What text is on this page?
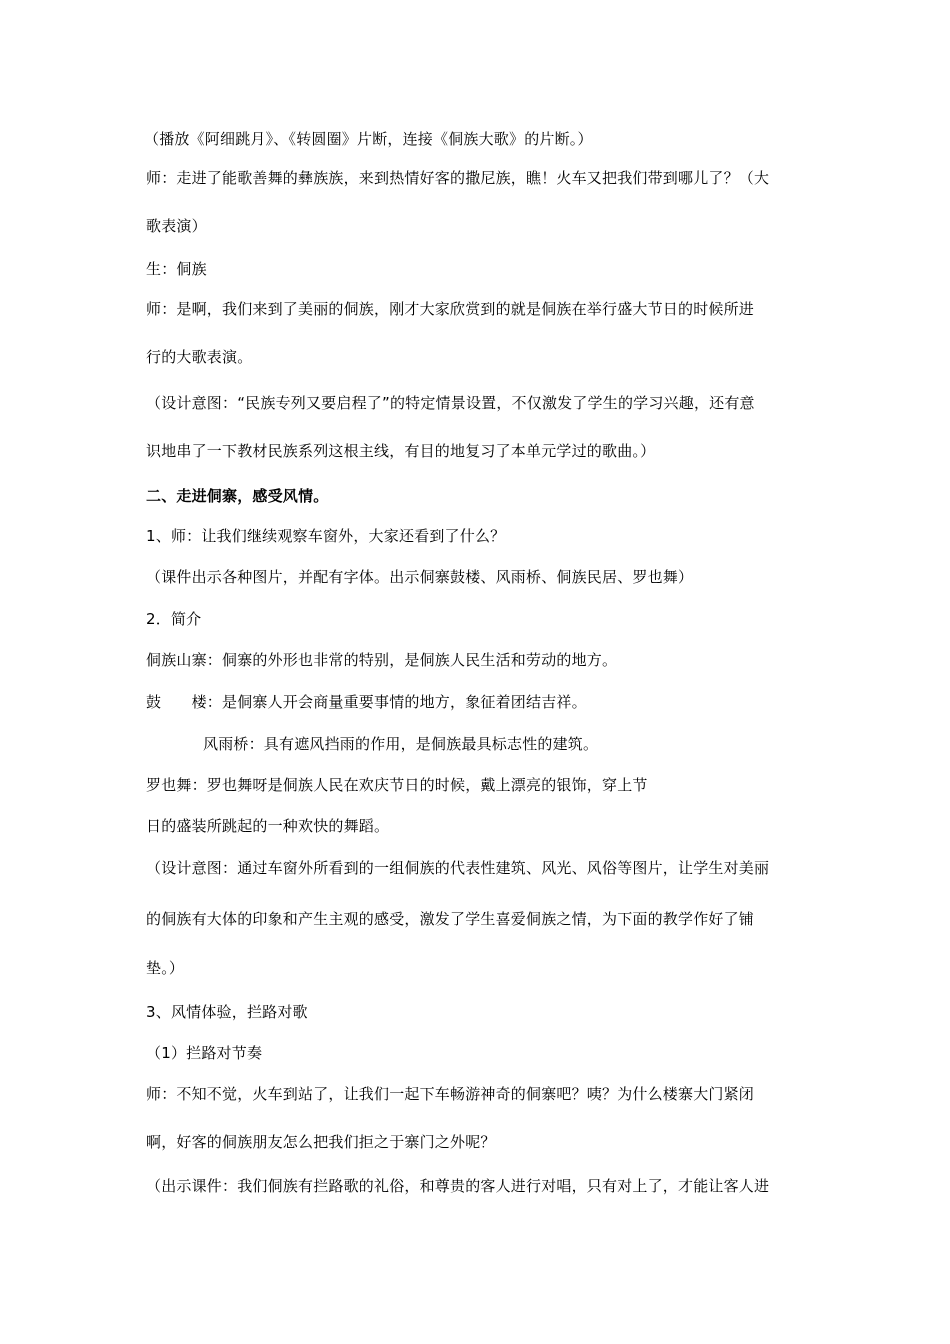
（播放《阿细跳月》、《转圆圈》片断，连接《侗族大歌》的片断。）
师：走进了能歌善舞的彝族族，来到热情好客的撒尼族，瞧！火车又把我们带到哪儿了？（大
歌表演）
生：侗族
师：是啊，我们来到了美丽的侗族，刚才大家欣赏到的就是侗族在举行盛大节日的时候所进
行的大歌表演。
（设计意图：“民族专列又要启程了”的特定情景设置，不仅激发了学生的学习兴趣，还有意
识地串了一下教材民族系列这根主线，有目的地复习了本单元学过的歌曲。）
二、走进侗寨，感受风情。
1、师：让我们继续观察车窗外，大家还看到了什么？
（课件出示各种图片，并配有字体。出示侗寨鼓楼、风雨桥、侗族民居、罗也舞）
2．简介
侗族山寨：侗寨的外形也非常的特别，是侗族人民生活和劳动的地方。
鼓　　楼：是侗寨人开会商量重要事情的地方，象征着团结吉祥。
风雨桥：具有遮风挡雨的作用，是侗族最具标志性的建筑。
罗也舞：罗也舞呀是侗族人民在欢庆节日的时候，戴上漂亮的银饰，穿上节
日的盛装所跳起的一种欢快的舞蹈。
（设计意图：通过车窗外所看到的一组侗族的代表性建筑、风光、风俗等图片，让学生对美丽
的侗族有大体的印象和产生主观的感受，激发了学生喜爱侗族之情，为下面的教学作好了铺
垫。）
3、风情体验，拦路对歌
（1）拦路对节奏
师：不知不觉，火车到站了，让我们一起下车畅游神奇的侗寨吧？咦？为什么楼寨大门紧闭
啊，好客的侗族朋友怎么把我们拒之于寨门之外呢？
（出示课件：我们侗族有拦路歌的礼俗，和尊贵的客人进行对唱，只有对上了，才能让客人进
